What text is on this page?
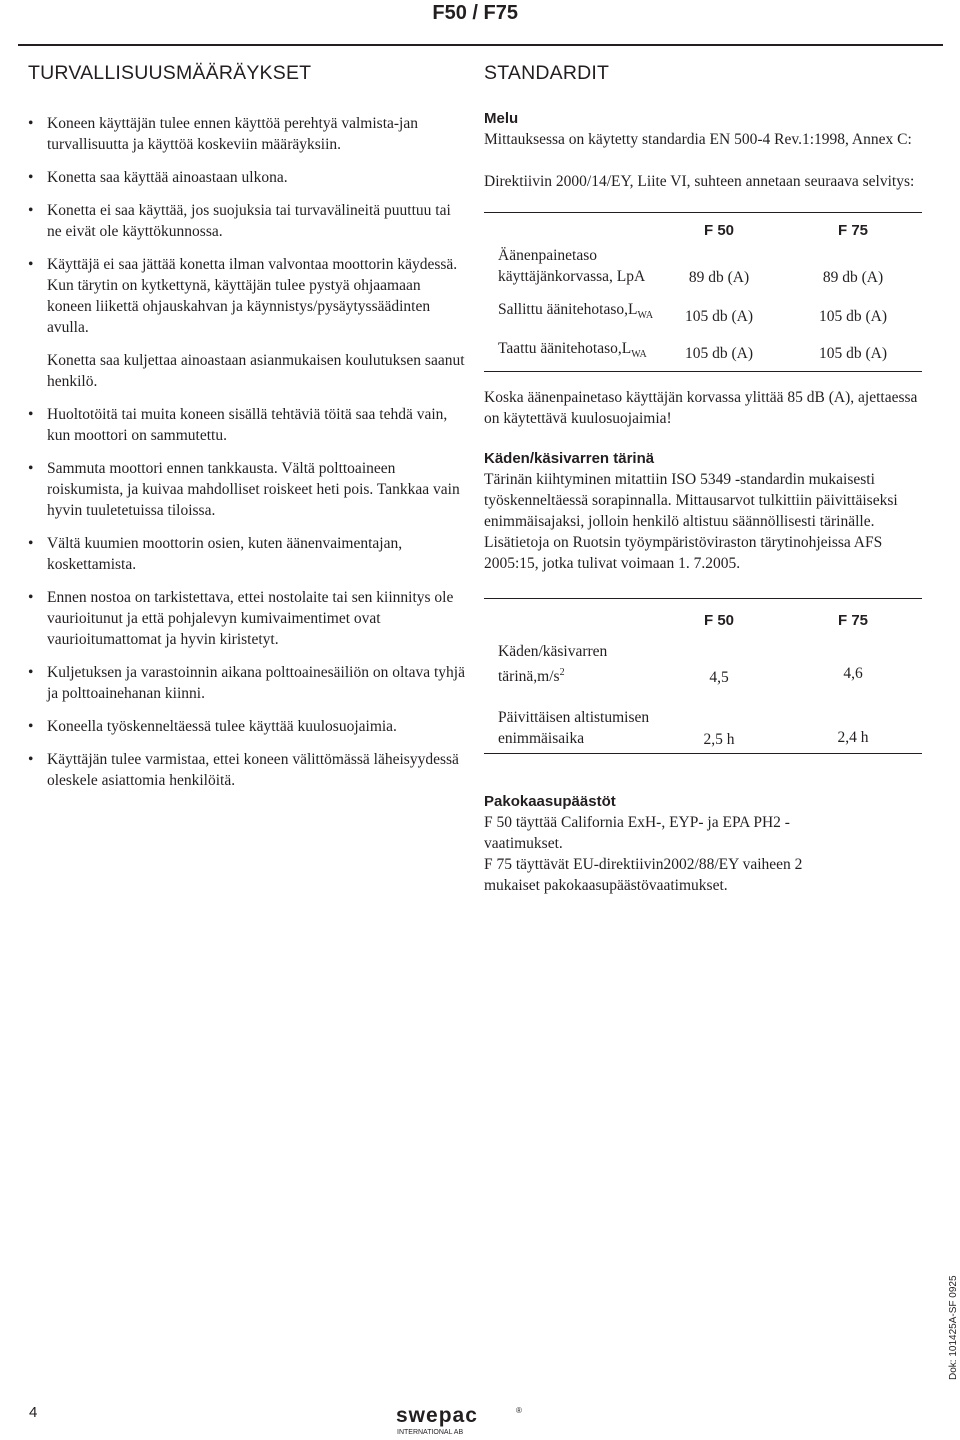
F50 / F75
TURVALLISUUSMÄÄRÄYKSET
• Koneen käyttäjän tulee ennen käyttöä perehtyä valmista-jan turvallisuutta ja käyttöä koskeviin määräyksiin.
• Konetta saa käyttää ainoastaan ulkona.
• Konetta ei saa käyttää, jos suojuksia tai turvavälineitä puuttuu tai ne eivät ole käyttökunnossa.
• Käyttäjä ei saa jättää konetta ilman valvontaa moottorin käydessä. Kun tärytin on kytkettynä, käyttäjän tulee pystyä ohjaamaan koneen liikettä ohjauskahvan ja käynnistys/pysäytyssäädinten avulla.
Konetta saa kuljettaa ainoastaan asianmukaisen koulutuksen saanut henkilö.
• Huoltotöitä tai muita koneen sisällä tehtäviä töitä saa tehdä vain, kun moottori on sammutettu.
• Sammuta moottori ennen tankkausta. Vältä polttoaineen roiskumista, ja kuivaa mahdolliset roiskeet heti pois. Tankkaa vain hyvin tuuletetuissa tiloissa.
• Vältä kuumien moottorin osien, kuten äänenvaimentajan, koskettamista.
• Ennen nostoa on tarkistettava, ettei nostolaite tai sen kiinnitys ole vaurioitunut ja että pohjalevyn kumivaimentimet ovat vaurioitumattomat ja hyvin kiristetyt.
• Kuljetuksen ja varastoinnin aikana polttoainesäiliön on oltava tyhjä ja polttoainehanan kiinni.
• Koneella työskenneltäessä tulee käyttää kuulosuojaimia.
• Käyttäjän tulee varmistaa, ettei koneen välittömässä läheisyydessä oleskele asiattomia henkilöitä.
STANDARDIT

Melu

Mittauksessa on käytetty standardia EN 500-4 Rev.1:1998, Annex C:

Direktiivin 2000/14/EY, Liite VI, suhteen annetaan seuraava selvitys:

	F 50	F 75
Äänenpainetaso käyttäjänkorvassa, LpA	89 db (A)	89 db (A)
Sallittu $äänitehotaso,L_{WA}$	105 db (A)	105 db (A)
Taattu $äänitehotaso,L_{WA}$	105 db (A)	105 db (A)

Koska äänenpainetaso käyttäjän korvassa ylittää 85 dB (A), ajettaessa on käytettävä kuulosuojaimia!

Käden/käsivarren tärinä

Tärinän kiihtyminen mitattiin ISO 5349 -standardin mukaisesti työskenneltäessä sorapinnalla. Mittausarvot tulkittiin päivittäiseksi enimmäisajaksi, jolloin henkilö altistuu säännöllisesti tärinälle. Lisätietoja on Ruotsin työympäristöviraston tärytinohjeissa AFS 2005:15, jotka tulivat voimaan 1. 7.2005.

	F 50	F 75
Käden/käsivarren $tärinä,m/s^2$	4,5	4,6
Päivittäisen altistumisen enimmäisaika	2,5 h	2,4 h

Pakokaasupäästöt

F 50 täyttää California ExH-, EYP- ja EPA PH2 - vaatimukset.

F 75 täyttävät EU-direktiivin2002/88/EY vaiheen 2 mukaiset pakokaasupäästövaatimukset.

4	swepac	®
INTERNATIONAL AB
Dok: 101425A-SF 0925
